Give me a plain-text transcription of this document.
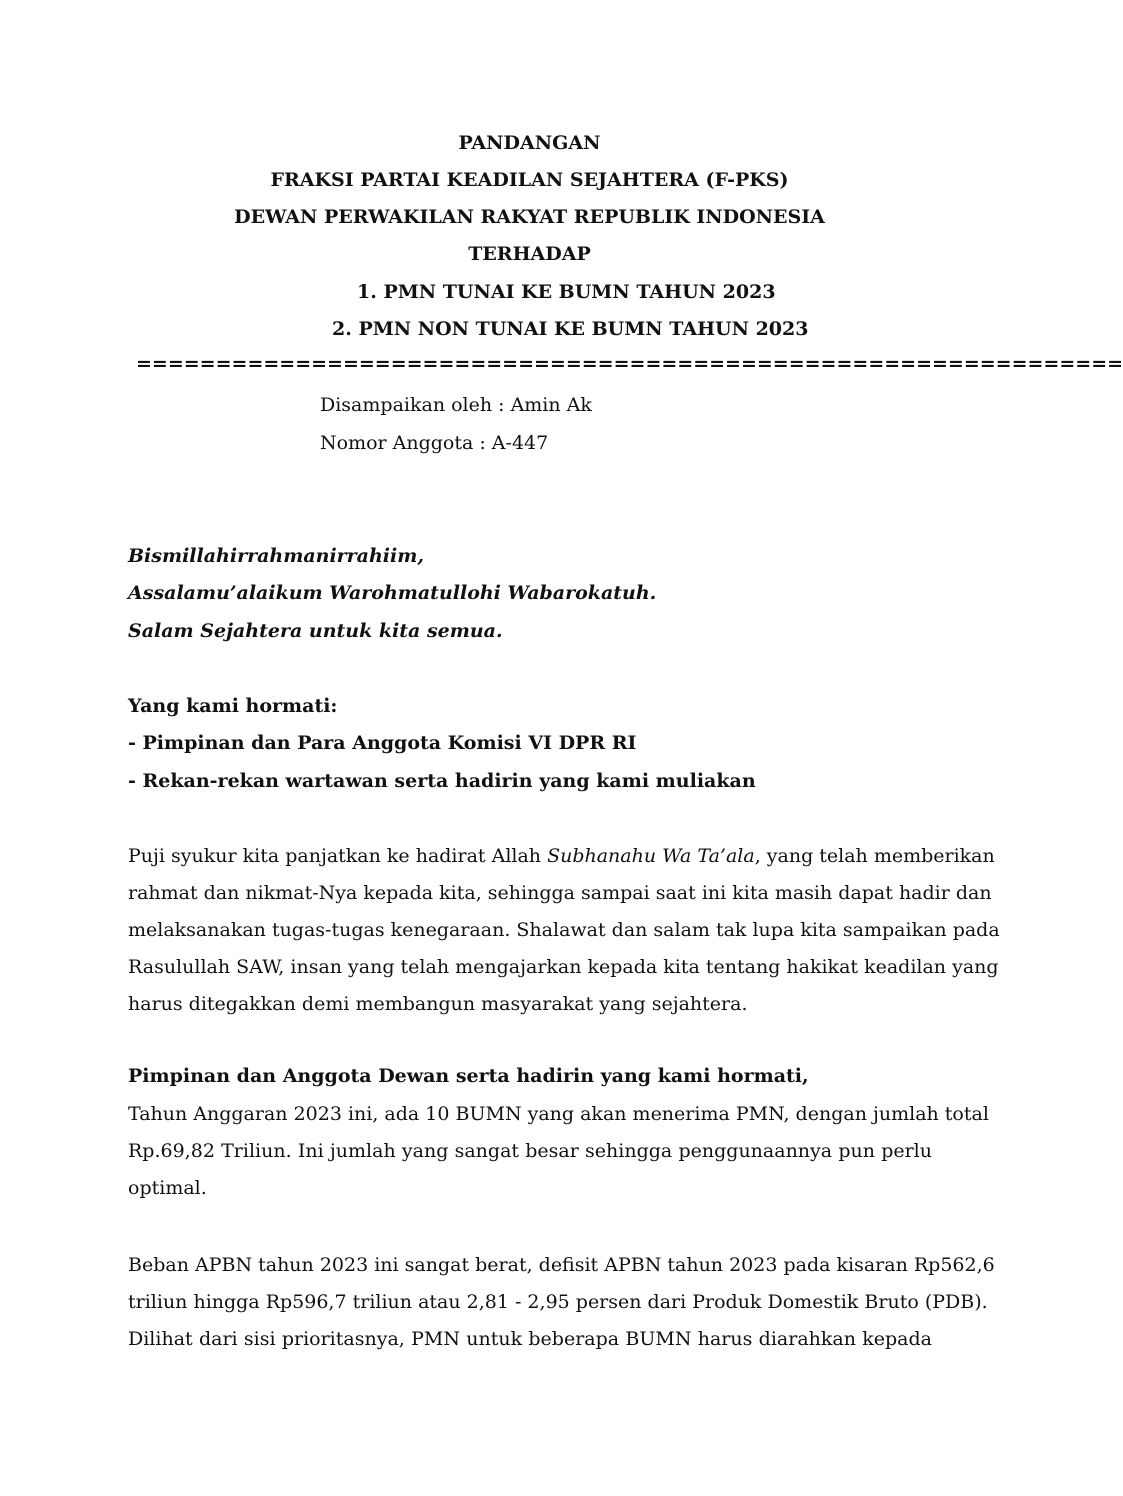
PANDANGAN
FRAKSI PARTAI KEADILAN SEJAHTERA (F-PKS)
DEWAN PERWAKILAN RAKYAT REPUBLIK INDONESIA
TERHADAP
1. PMN TUNAI KE BUMN TAHUN 2023
2. PMN NON TUNAI KE BUMN TAHUN 2023
==============================================================
Disampaikan oleh : Amin Ak
Nomor Anggota : A-447
Bismillahirrahmanirrahiim,
Assalamu’alaikum Warohmatullohi Wabarokatuh.
Salam Sejahtera untuk kita semua.
Yang kami hormati:
- Pimpinan dan Para Anggota Komisi VI DPR RI
- Rekan-rekan wartawan serta hadirin yang kami muliakan
Puji syukur kita panjatkan ke hadirat Allah Subhanahu Wa Ta’ala, yang telah memberikan
rahmat dan nikmat-Nya kepada kita, sehingga sampai saat ini kita masih dapat hadir dan
melaksanakan tugas-tugas kenegaraan. Shalawat dan salam tak lupa kita sampaikan pada
Rasulullah SAW, insan yang telah mengajarkan kepada kita tentang hakikat keadilan yang
harus ditegakkan demi membangun masyarakat yang sejahtera.
Pimpinan dan Anggota Dewan serta hadirin yang kami hormati,
Tahun Anggaran 2023 ini, ada 10 BUMN yang akan menerima PMN, dengan jumlah total
Rp.69,82 Triliun. Ini jumlah yang sangat besar sehingga penggunaannya pun perlu
optimal.
Beban APBN tahun 2023 ini sangat berat, defisit APBN tahun 2023 pada kisaran Rp562,6
triliun hingga Rp596,7 triliun atau 2,81 - 2,95 persen dari Produk Domestik Bruto (PDB).
Dilihat dari sisi prioritasnya, PMN untuk beberapa BUMN harus diarahkan kepada
